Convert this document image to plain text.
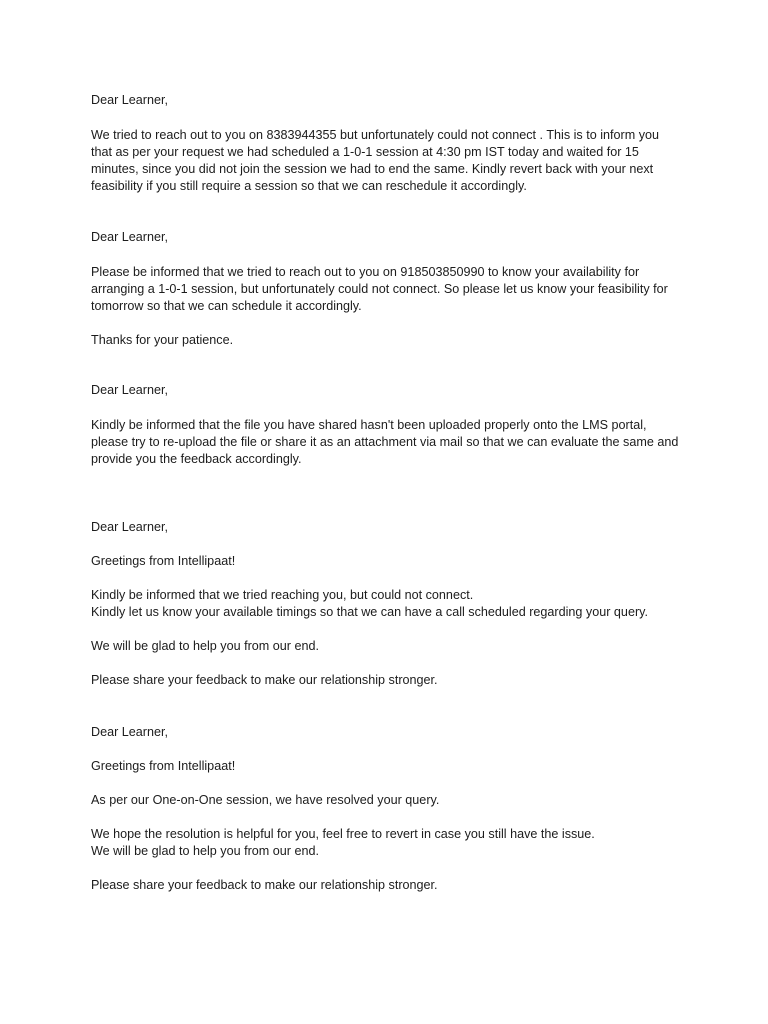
Dear Learner,

We tried to reach out to you on 8383944355 but unfortunately could not connect . This is to inform you
that as per your request we had scheduled a 1-0-1 session at 4:30 pm IST today and waited for 15
minutes, since you did not join the session we had to end the same. Kindly revert back with your next
feasibility if you still require a session so that we can reschedule it accordingly.

Dear Learner,

Please be informed that we tried to reach out to you on 918503850990 to know your availability for
arranging a 1-0-1 session, but unfortunately could not connect. So please let us know your feasibility for
tomorrow so that we can schedule it accordingly.

Thanks for your patience.

Dear Learner,

Kindly be informed that the file you have shared hasn't been uploaded properly onto the LMS portal,
please try to re-upload the file or share it as an attachment via mail so that we can evaluate the same and
provide you the feedback accordingly.

Dear Learner,

Greetings from Intellipaat!

Kindly be informed that we tried reaching you, but could not connect.
Kindly let us know your available timings so that we can have a call scheduled regarding your query.

We will be glad to help you from our end.

Please share your feedback to make our relationship stronger.

Dear Learner,

Greetings from Intellipaat!

As per our One-on-One session, we have resolved your query.

We hope the resolution is helpful for you, feel free to revert in case you still have the issue.
We will be glad to help you from our end.

Please share your feedback to make our relationship stronger.
